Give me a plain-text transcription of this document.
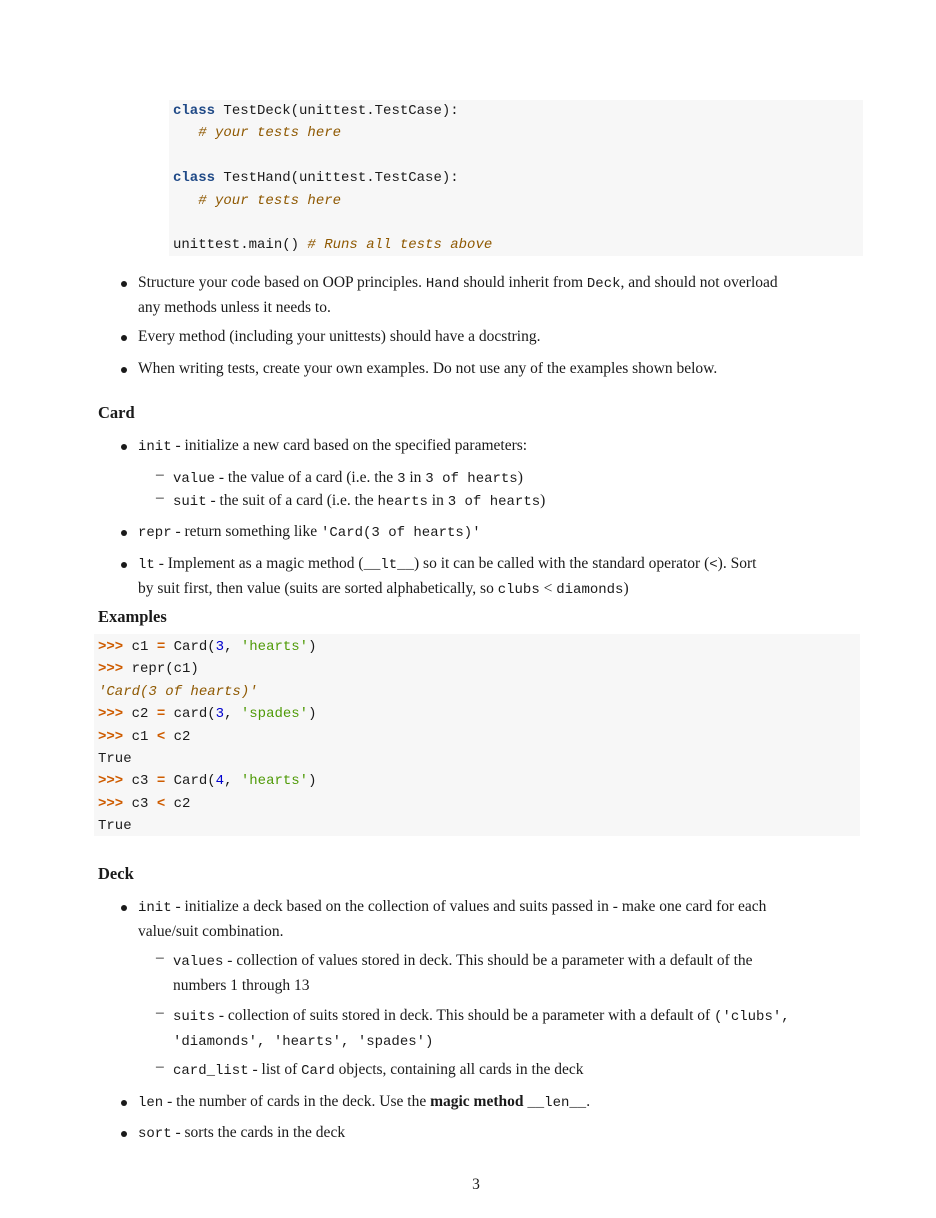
class TestDeck(unittest.TestCase):
# your tests here
class TestHand(unittest.TestCase):
# your tests here
unittest.main() # Runs all tests above
Structure your code based on OOP principles. Hand should inherit from Deck, and should not overload
any methods unless it needs to.
Every method (including your unittests) should have a docstring.
When writing tests, create your own examples. Do not use any of the examples shown below.
Card
init - initialize a new card based on the specified parameters:
– value - the value of a card (i.e. the 3 in 3 of hearts)
– suit - the suit of a card (i.e. the hearts in 3 of hearts)
repr - return something like 'Card(3 of hearts)'
lt - Implement as a magic method (__lt__) so it can be called with the standard operator (<). Sort
by suit first, then value (suits are sorted alphabetically, so clubs < diamonds)
Examples
>>> c1 = Card(3, 'hearts')
>>> repr(c1)
'Card(3 of hearts)'
>>> c2 = card(3, 'spades')
>>> c1 < c2
True
>>> c3 = Card(4, 'hearts')
>>> c3 < c2
True
Deck
init - initialize a deck based on the collection of values and suits passed in - make one card for each
value/suit combination.
– values - collection of values stored in deck. This should be a parameter with a default of the
numbers 1 through 13
– suits - collection of suits stored in deck. This should be a parameter with a default of ('clubs',
'diamonds', 'hearts', 'spades')
– card_list - list of Card objects, containing all cards in the deck
len - the number of cards in the deck. Use the magic method __len__.
sort - sorts the cards in the deck
3
